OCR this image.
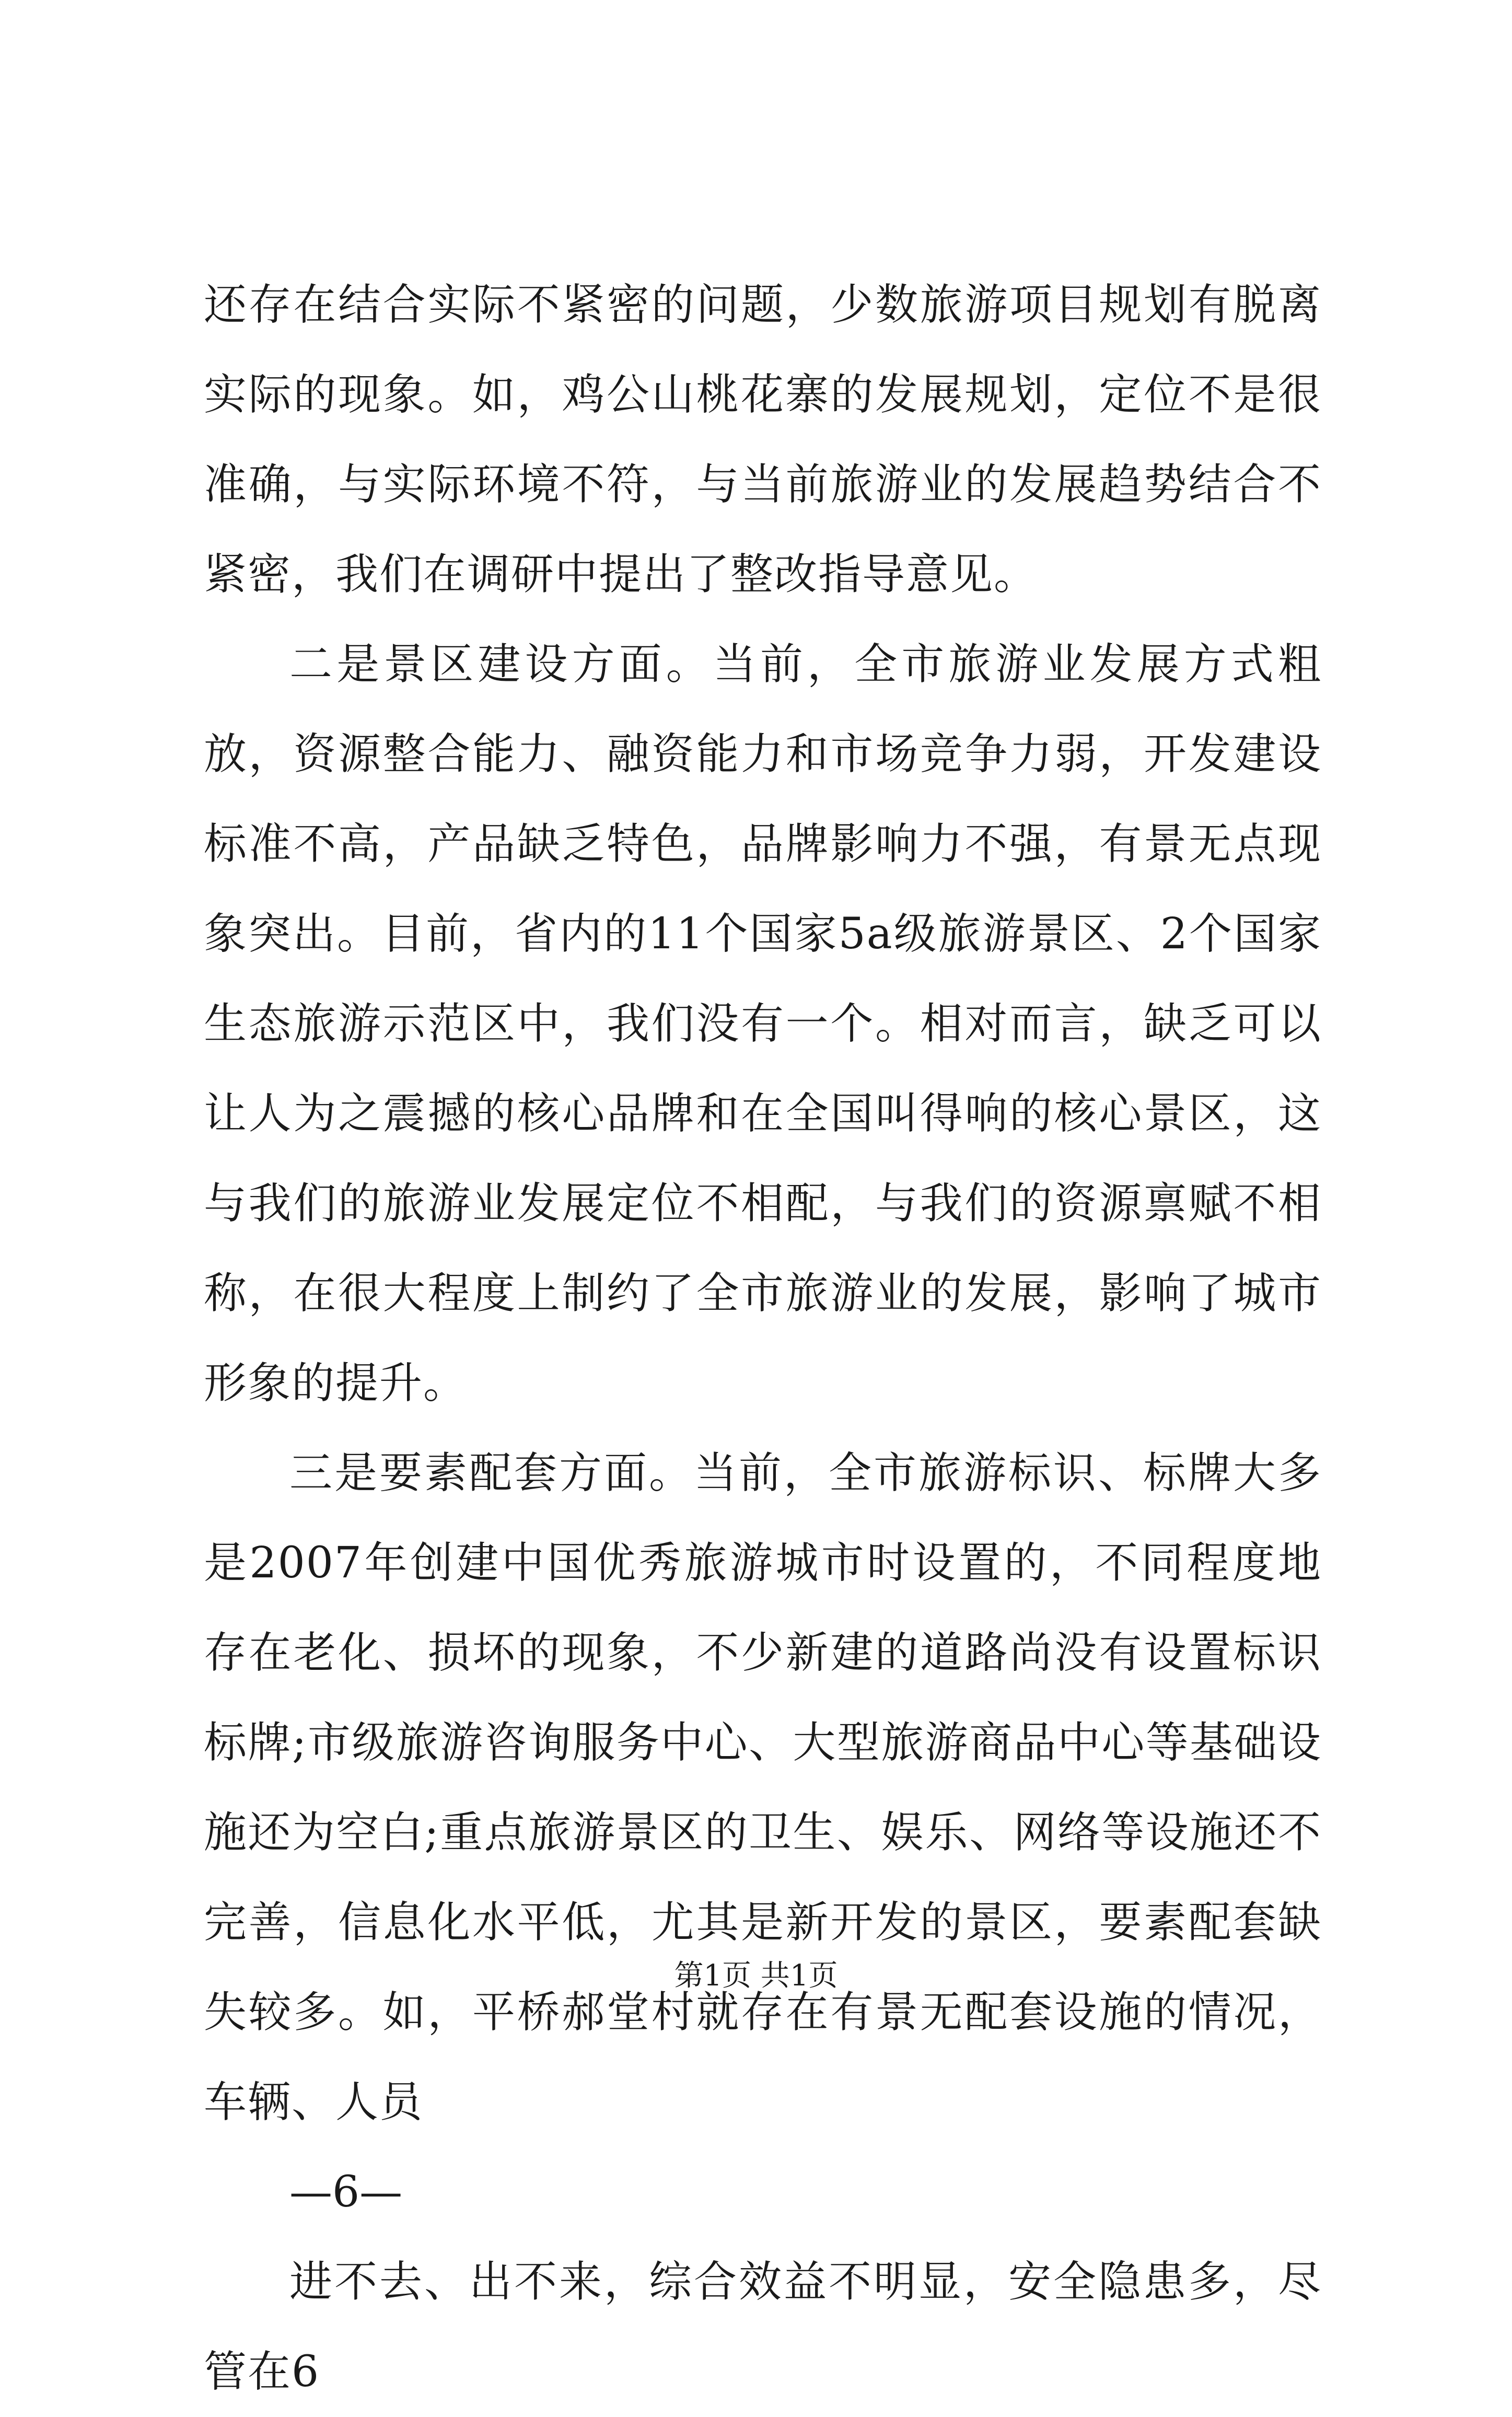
还存在结合实际不紧密的问题，少数旅游项目规划有脱离实际的现象。如，鸡公山桃花寨的发展规划，定位不是很准确，与实际环境不符，与当前旅游业的发展趋势结合不紧密，我们在调研中提出了整改指导意见。

二是景区建设方面。当前，全市旅游业发展方式粗放，资源整合能力、融资能力和市场竞争力弱，开发建设标准不高，产品缺乏特色，品牌影响力不强，有景无点现象突出。目前，省内的11个国家5a级旅游景区、2个国家生态旅游示范区中，我们没有一个。相对而言，缺乏可以让人为之震撼的核心品牌和在全国叫得响的核心景区，这与我们的旅游业发展定位不相配，与我们的资源禀赋不相称，在很大程度上制约了全市旅游业的发展，影响了城市形象的提升。

三是要素配套方面。当前，全市旅游标识、标牌大多是2007年创建中国优秀旅游城市时设置的，不同程度地存在老化、损坏的现象，不少新建的道路尚没有设置标识标牌;市级旅游咨询服务中心、大型旅游商品中心等基础设施还为空白;重点旅游景区的卫生、娱乐、网络等设施还不完善，信息化水平低，尤其是新开发的景区，要素配套缺失较多。如，平桥郝堂村就存在有景无配套设施的情况，车辆、人员

—6—

进不去、出不来，综合效益不明显，安全隐患多，尽管在6

第1页 共1页
